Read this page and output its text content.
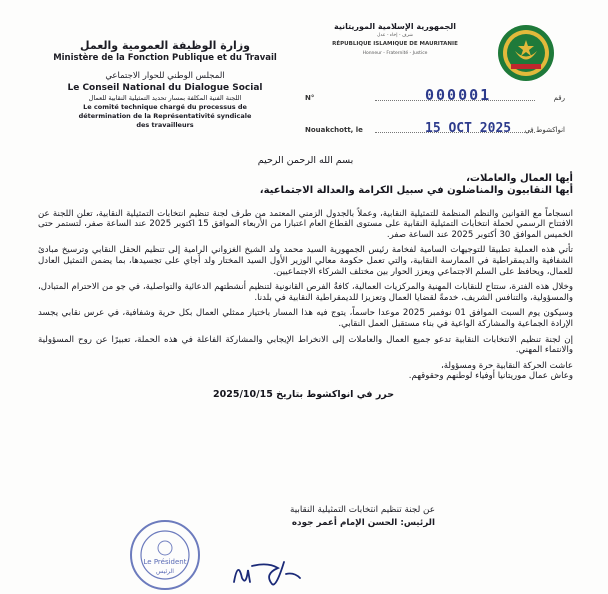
الجمهورية الإسلامية الموريتانية
شرف - إخاء - عدل
RÉPUBLIQUE ISLAMIQUE DE MAURITANIE
Honneur - Fraternité - Justice
وزارة الوظيفة العمومية والعمل
Ministère de la Fonction Publique et du Travail
المجلس الوطني للحوار الاجتماعي
Le Conseil National du Dialogue Social
اللجنة الفنية المكلفة بمسار تحديد التمثيلية النقابية للعمال
Le comité technique chargé du processus de
détermination de la Représentativité syndicale
des travailleurs
N°	000001	رقم
Nouakchott, le	15 OCT 2025 انواكشوط في
بسم الله الرحمن الرحيم
أيها العمال والعاملات،
أيها النقابيون والمناضلون في سبيل الكرامة والعدالة الاجتماعية،

انسجاماً مع القوانين والنظم المنظمة للتمثيلية النقابية، وعملاً بالجدول الزمني المعتمد من طرف لجنة تنظيم انتخابات التمثيلية النقابية، تعلن اللجنة عن الافتتاح الرسمي لحملة انتخابات التمثيلية النقابية على مستوى القطاع العام اعتبارا من الأربعاء الموافق 15 اكتوبر 2025 عند الساعة صفر، لتستمر حتى الخميس الموافق 30 أكتوبر 2025 عند الساعة صفر.

تأتي هذه العملية تطبيقا للتوجيهات السامية لفخامة رئيس الجمهورية السيد محمد ولد الشيخ الغزواني الرامية إلى تنظيم الحقل النقابي وترسيخ مبادئ الشفافية والديمقراطية في الممارسة النقابية، والتي تعمل حكومة معالي الوزير الأول السيد المختار ولد أجاي على تجسيدها، بما يضمن التمثيل العادل للعمال، ويحافظ على السلم الاجتماعي ويعزز الحوار بين مختلف الشركاء الاجتماعيين.

وخلال هذه الفترة، ستتاح للنقابات المهنية والمركزيات العمالية، كافةُ الفرص القانونية لتنظيم أنشطتهم الدعائية والتواصلية، في جو من الاحترام المتبادل، والمسؤولية، والتنافس الشريف، خدمةً لقضايا العمال وتعزيزا للديمقراطية النقابية في بلدنا.

وسيكون يوم السبت الموافق 01 نوفمبر 2025 موعدا حاسماً، يتوج فيه هذا المسار باختيار ممثلي العمال بكل حرية وشفافية، في عرس نقابي يجسد الإرادة الجماعية والمشاركة الواعية في بناء مستقبل العمل النقابي.

إن لجنة تنظيم الانتخابات النقابية تدعو جميع العمال والعاملات إلى الانخراط الإيجابي والمشاركة الفاعلة في هذه الحملة، تعبيرًا عن روح المسؤولية والانتماء المهني.

عاشت الحركة النقابية حرة ومسؤولة،

وعاش عمال موريتانيا أوفياء لوطنهم وحقوقهم.

حرر في انواكشوط بتاريخ 2025/10/15

عن لجنة تنظيم انتخابات التمثيلية النقابية
الرئيس: الحسن الإمام أعمر جوده
Le Président
الرئيس
